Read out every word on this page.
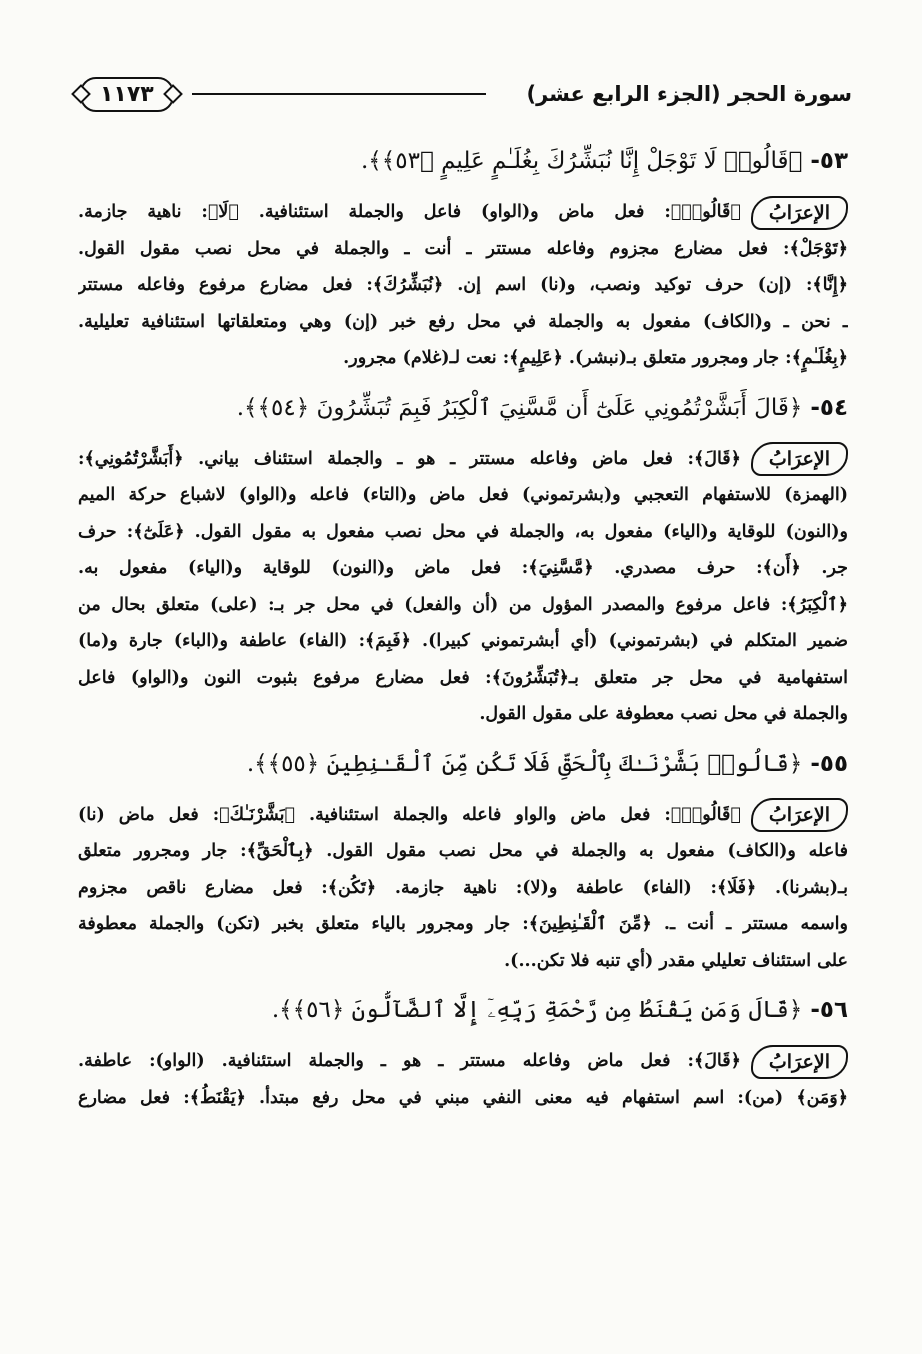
سورة الحجر (الجزء الرابع عشر)
١١٧٣
٥٣- ﴿قَالُوا۟ لَا تَوْجَلْ إِنَّا نُبَشِّرُكَ بِغُلَـٰمٍ عَلِيمٍ ﴿٥٣﴾﴾.

الإعرَابُ﴿قَالُوا۟﴾: فعل ماض و(الواو) فاعل والجملة استئنافية. ﴿لَا﴾: ناهية جازمة.

﴿تَوْجَلْ﴾: فعل مضارع مجزوم وفاعله مستتر ـ أنت ـ والجملة في محل نصب مقول القول.

﴿إِنَّا﴾: (إن) حرف توكيد ونصب، و(نا) اسم إن. ﴿نُبَشِّرُكَ﴾: فعل مضارع مرفوع وفاعله مستتر

ـ نحن ـ و(الكاف) مفعول به والجملة في محل رفع خبر (إن) وهي ومتعلقاتها استئنافية تعليلية.

﴿بِغُلَـٰمٍ﴾: جار ومجرور متعلق بـ(نبشر). ﴿عَلِيمٍ﴾: نعت لـ(غلام) مجرور.

٥٤- ﴿قَالَ أَبَشَّرْتُمُونِي عَلَىٰٓ أَن مَّسَّنِيَ ٱلْكِبَرُ فَبِمَ تُبَشِّرُونَ ﴿٥٤﴾﴾.

الإعرَابُ﴿قَالَ﴾: فعل ماض وفاعله مستتر ـ هو ـ والجملة استئناف بياني. ﴿أَبَشَّرْتُمُونِي﴾:

(الهمزة) للاستفهام التعجبي و(بشرتموني) فعل ماض و(التاء) فاعله و(الواو) لاشباع حركة الميم

و(النون) للوقاية و(الياء) مفعول به، والجملة في محل نصب مفعول به مقول القول. ﴿عَلَىٰٓ﴾: حرف

جر. ﴿أَن﴾: حرف مصدري. ﴿مَّسَّنِيَ﴾: فعل ماض و(النون) للوقاية و(الياء) مفعول به.

﴿ٱلْكِبَرُ﴾: فاعل مرفوع والمصدر المؤول من (أن والفعل) في محل جر بـ: (على) متعلق بحال من

ضمير المتكلم في (بشرتموني) (أي أبشرتموني كبيرا). ﴿فَبِمَ﴾: (الفاء) عاطفة و(الباء) جارة و(ما)

استفهامية في محل جر متعلق بـ﴿تُبَشِّرُونَ﴾: فعل مضارع مرفوع بثبوت النون و(الواو) فاعل

والجملة في محل نصب معطوفة على مقول القول.

٥٥- ﴿قَالُوا۟ بَشَّرْنَـٰكَ بِٱلْحَقِّ فَلَا تَكُن مِّنَ ٱلْقَـٰنِطِينَ ﴿٥٥﴾﴾.

الإعرَابُ﴿قَالُوا۟﴾: فعل ماض والواو فاعله والجملة استئنافية. ﴿بَشَّرْنَـٰكَ﴾: فعل ماض (نا)

فاعله و(الكاف) مفعول به والجملة في محل نصب مقول القول. ﴿بِٱلْحَقِّ﴾: جار ومجرور متعلق

بـ(بشرنا). ﴿فَلَا﴾: (الفاء) عاطفة و(لا): ناهية جازمة. ﴿تَكُن﴾: فعل مضارع ناقص مجزوم

واسمه مستتر ـ أنت ـ. ﴿مِّنَ ٱلْقَـٰنِطِينَ﴾: جار ومجرور بالياء متعلق بخبر (تكن) والجملة معطوفة

على استئناف تعليلي مقدر (أي تنبه فلا تكن...).

٥٦- ﴿قَالَ وَمَن يَقْنَطُ مِن رَّحْمَةِ رَبِّهِۦٓ إِلَّا ٱلضَّآلُّونَ ﴿٥٦﴾﴾.

الإعرَابُ﴿قَالَ﴾: فعل ماض وفاعله مستتر ـ هو ـ والجملة استئنافية. (الواو): عاطفة.

﴿وَمَن﴾ (من): اسم استفهام فيه معنى النفي مبني في محل رفع مبتدأ. ﴿يَقْنَطُ﴾: فعل مضارع
